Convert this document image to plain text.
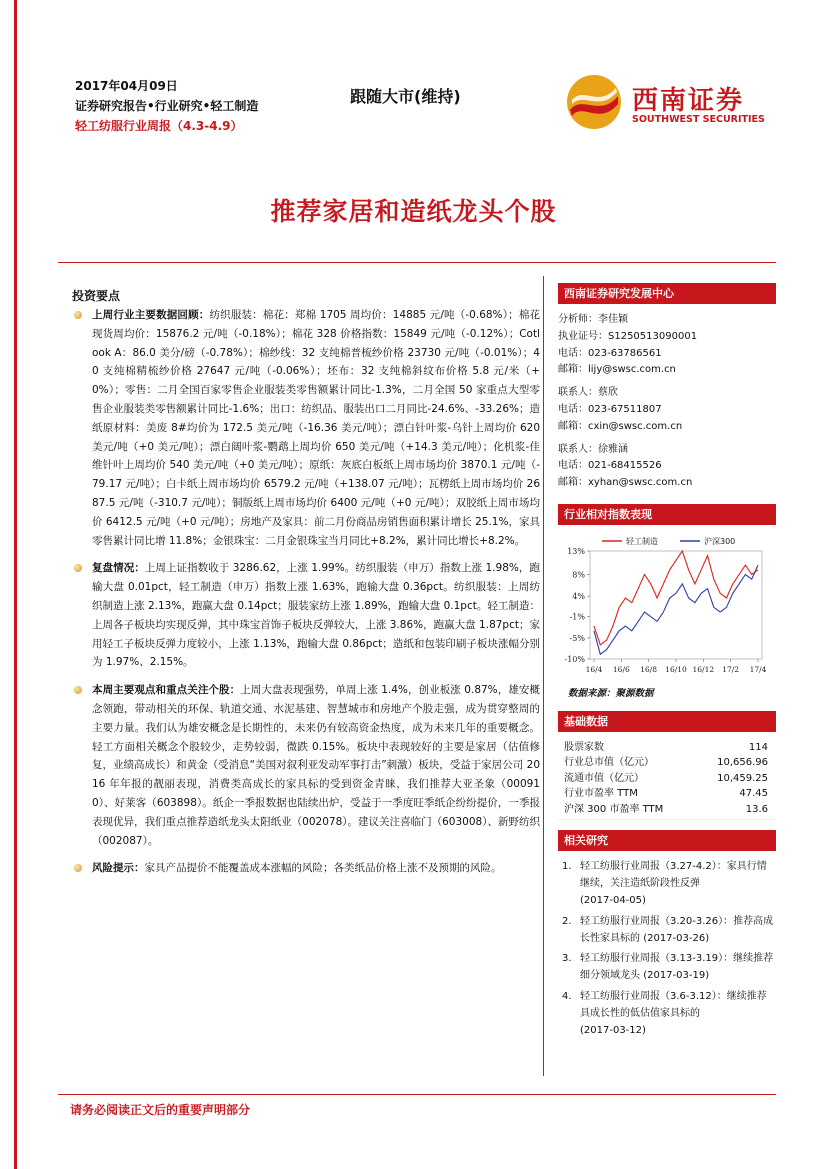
2017年04月09日
证券研究报告•行业研究•轻工制造
轻工纺服行业周报（4.3-4.9）
跟随大市(维持)	西南证券
SOUTHWEST SECURITIES
推荐家居和造纸龙头个股
投资要点
上周行业主要数据回顾：纺织服装：棉花：郑棉 1705 周均价：14885 元/吨（-0.68%）；棉花现货周均价：15876.2 元/吨（-0.18%）；棉花 328 价格指数：15849 元/吨（-0.12%）；Cotlook A：86.0 美分/磅（-0.78%）；棉纱线：32 支纯棉普梳纱价格 23730 元/吨（-0.01%）；40 支纯棉精梳纱价格 27647 元/吨（-0.06%）；坯布：32 支纯棉斜纹布价格 5.8 元/米（+0%）；零售：二月全国百家零售企业服装类零售额累计同比-1.3%，二月全国 50 家重点大型零售企业服装类零售额累计同比-1.6%；出口：纺织品、服装出口二月同比-24.6%、-33.26%；造纸原材料：美废 8#均价为 172.5 美元/吨（-16.36 美元/吨）；漂白针叶浆-乌针上周均价 620 美元/吨（+0 美元/吨）；漂白阔叶浆-鹦鹉上周均价 650 美元/吨（+14.3 美元/吨）；化机浆-佳维针叶上周均价 540 美元/吨（+0 美元/吨）；原纸：灰底白板纸上周市场均价 3870.1 元/吨（-79.17 元/吨）；白卡纸上周市场均价 6579.2 元/吨（+138.07 元/吨）；瓦楞纸上周市场均价 2687.5 元/吨（-310.7 元/吨）；铜版纸上周市场均价 6400 元/吨（+0 元/吨）；双胶纸上周市场均价 6412.5 元/吨（+0 元/吨）；房地产及家具：前二月份商品房销售面积累计增长 25.1%，家具零售累计同比增 11.8%；金银珠宝：二月金银珠宝当月同比+8.2%，累计同比增长+8.2%。
复盘情况：上周上证指数收于 3286.62，上涨 1.99%。纺织服装（申万）指数上涨 1.98%，跑输大盘 0.01pct，轻工制造（申万）指数上涨 1.63%，跑输大盘 0.36pct。纺织服装：上周纺织制造上涨 2.13%，跑赢大盘 0.14pct；服装家纺上涨 1.89%，跑输大盘 0.1pct。轻工制造：上周各子板块均实现反弹，其中珠宝首饰子板块反弹较大，上涨 3.86%，跑赢大盘 1.87pct；家用轻工子板块反弹力度较小，上涨 1.13%，跑输大盘 0.86pct；造纸和包装印刷子板块涨幅分别为 1.97%、2.15%。
本周主要观点和重点关注个股：上周大盘表现强势，单周上涨 1.4%，创业板涨 0.87%，雄安概念领跑，带动相关的环保、轨道交通、水泥基建、智慧城市和房地产个股走强，成为贯穿整周的主要力量。我们认为雄安概念是长期性的，未来仍有较高资金热度，成为未来几年的重要概念。轻工方面相关概念个股较少，走势较弱，微跌 0.15%。板块中表现较好的主要是家居（估值修复，业绩高成长）和黄金（受消息“美国对叙利亚发动军事打击”刺激）板块，受益于家居公司 2016 年年报的靓丽表现，消费类高成长的家具标的受到资金青睐，我们推荐大亚圣象（000910）、好莱客（603898）。纸企一季报数据也陆续出炉，受益于一季度旺季纸企纷纷提价，一季报表现优异，我们重点推荐造纸龙头太阳纸业（002078）。建议关注喜临门（603008）、新野纺织（002087）。
风险提示：家具产品提价不能覆盖成本涨幅的风险；各类纸品价格上涨不及预期的风险。
西南证券研究发展中心
分析师：李佳颖
执业证号：S1250513090001
电话：023-63786561
邮箱：lijy@swsc.com.cn
联系人：蔡欣
电话：023-67511807
邮箱：cxin@swsc.com.cn
联系人：徐雅涵
电话：021-68415526
邮箱：xyhan@swsc.com.cn
行业相对指数表现
13%
8%
4%
-1%
-5%
-10%
16/4 16/6 16/8 16/10 16/12 17/2 17/4
轻工制造	沪深300
数据来源：聚源数据
基础数据
股票家数	114
行业总市值（亿元）	10,656.96
流通市值（亿元）	10,459.25
行业市盈率 TTM	47.45
沪深 300 市盈率 TTM	13.6
相关研究
1. 轻工纺服行业周报（3.27-4.2）：家具行情继续，关注造纸阶段性反弹
(2017-04-05)
2. 轻工纺服行业周报（3.20-3.26）：推荐高成长性家具标的 (2017-03-26)
3. 轻工纺服行业周报（3.13-3.19）：继续推荐细分领域龙头 (2017-03-19)
4. 轻工纺服行业周报（3.6-3.12）：继续推荐具成长性的低估值家具标的
(2017-03-12)
请务必阅读正文后的重要声明部分
